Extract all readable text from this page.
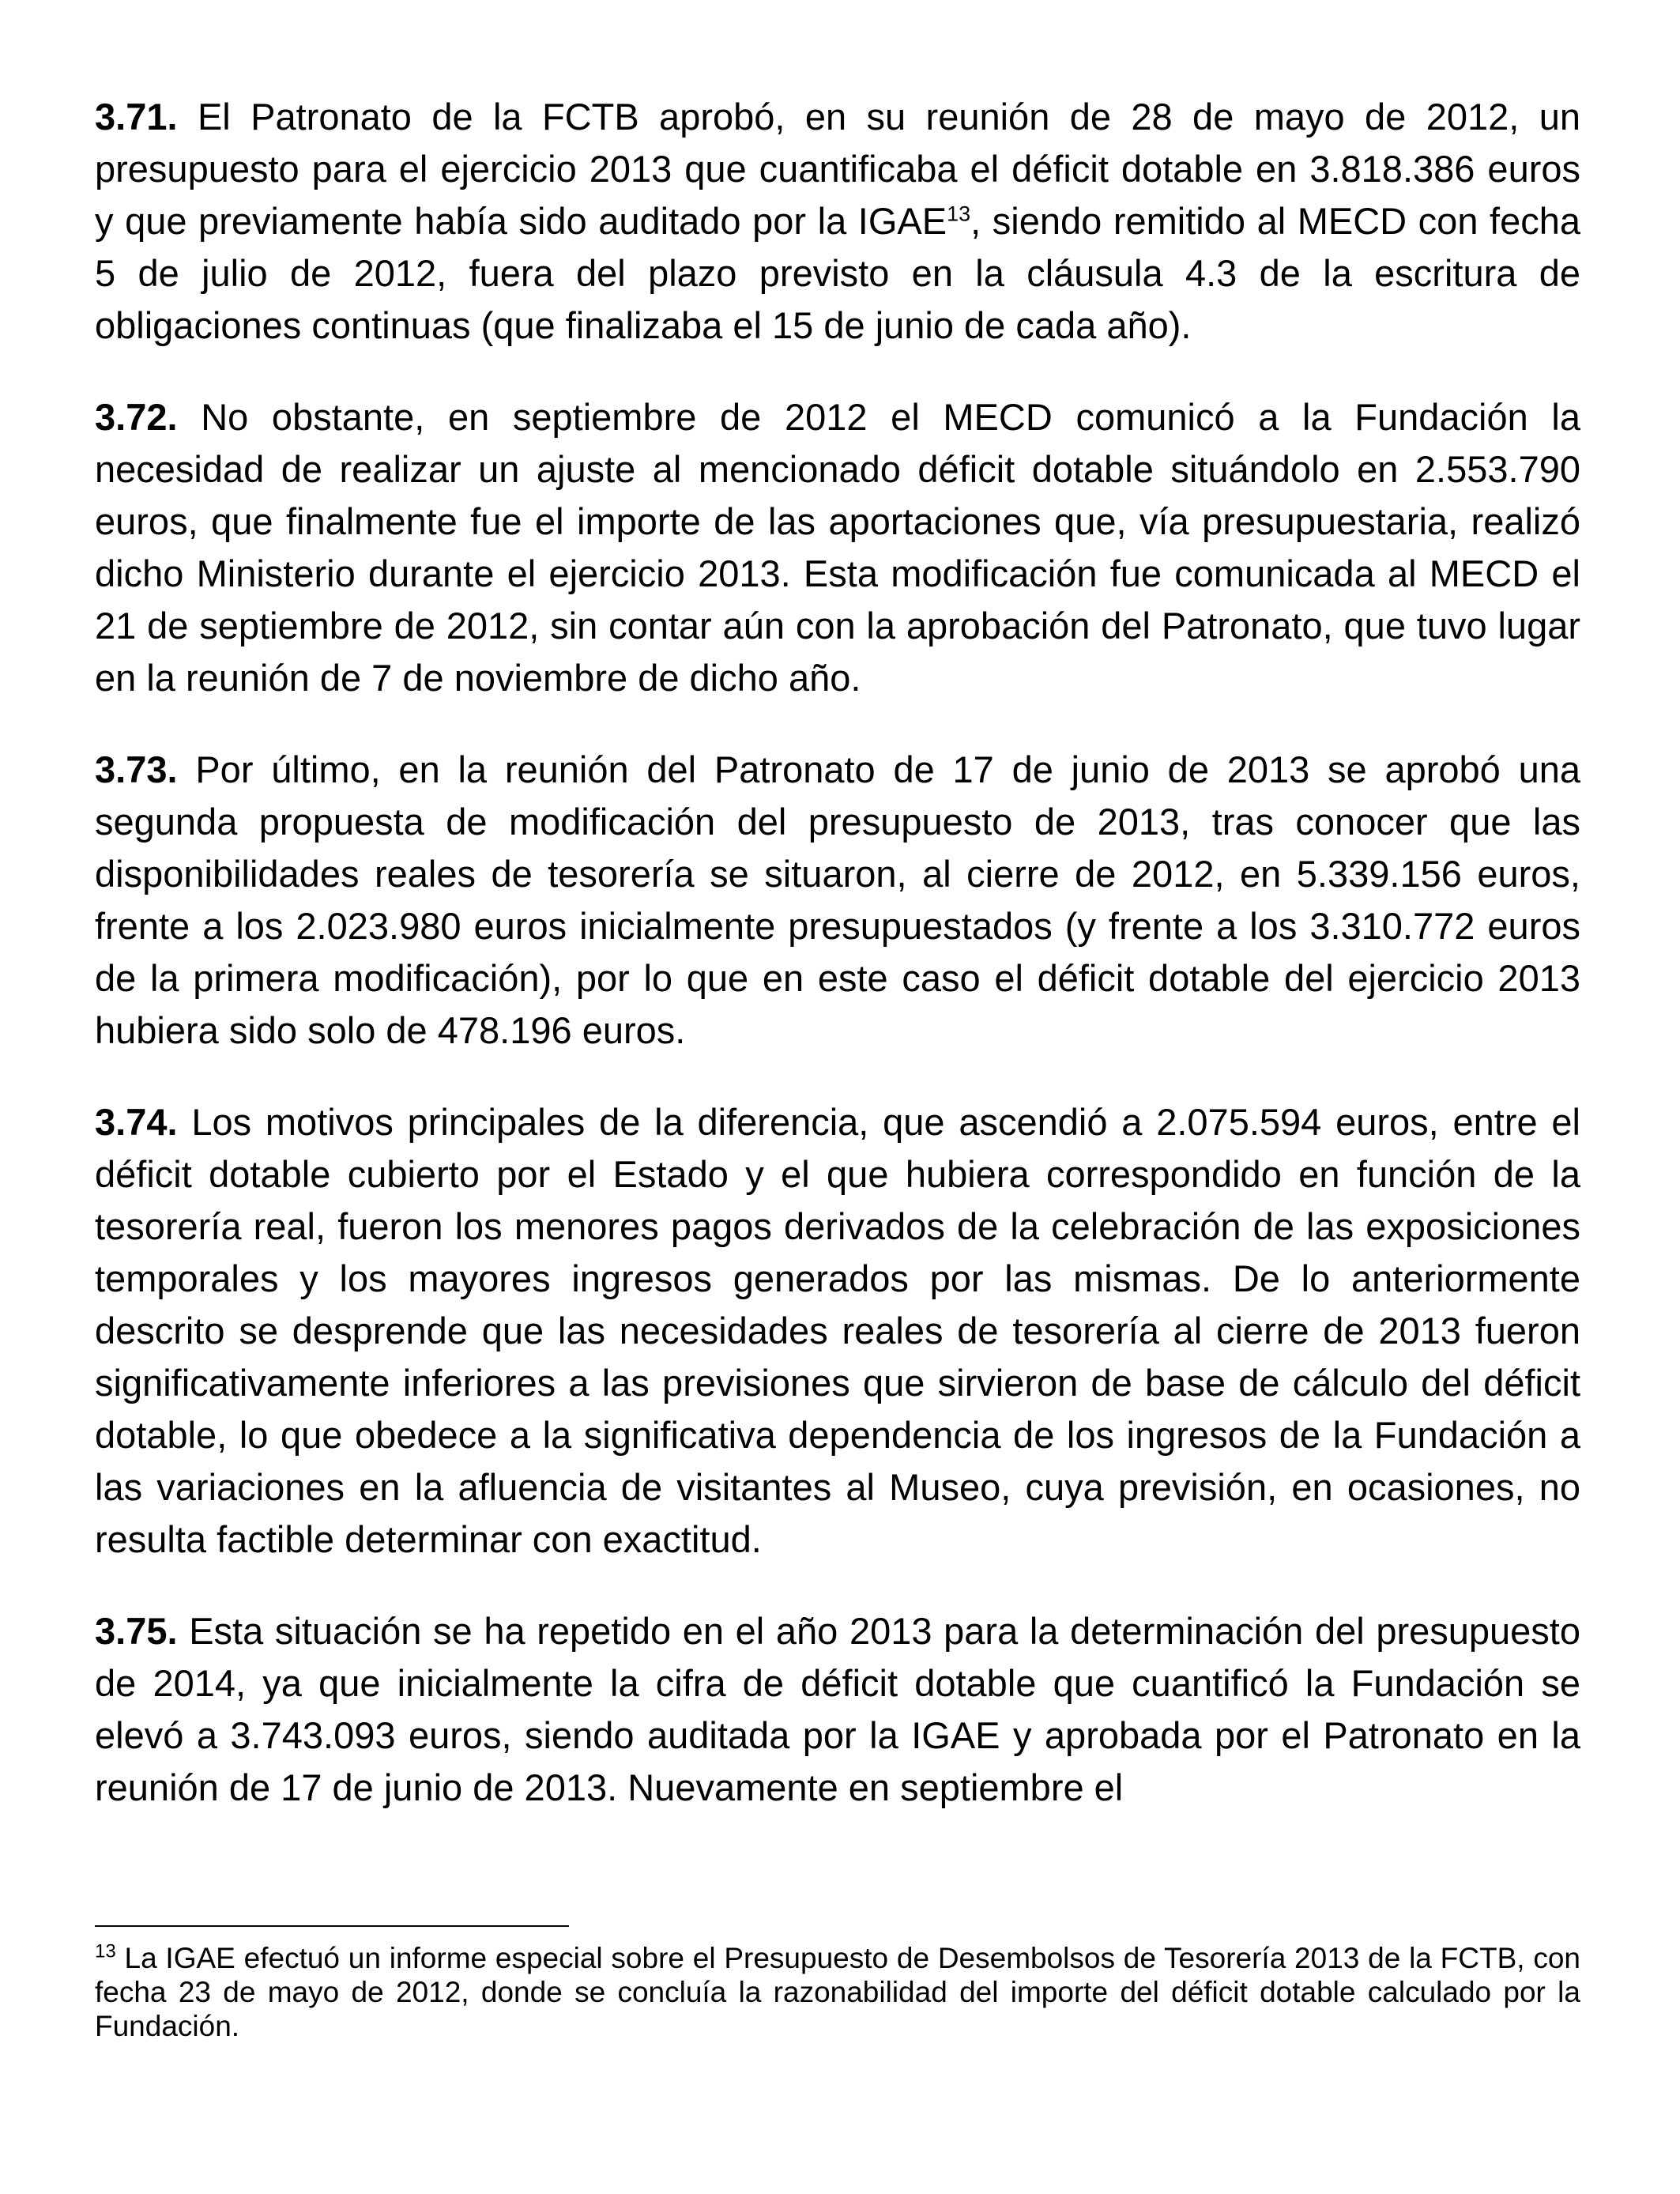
3.71. El Patronato de la FCTB aprobó, en su reunión de 28 de mayo de 2012, un presupuesto para el ejercicio 2013 que cuantificaba el déficit dotable en 3.818.386 euros y que previamente había sido auditado por la IGAE$^{13}$, siendo remitido al MECD con fecha 5 de julio de 2012, fuera del plazo previsto en la cláusula 4.3 de la escritura de obligaciones continuas (que finalizaba el 15 de junio de cada año).

3.72. No obstante, en septiembre de 2012 el MECD comunicó a la Fundación la necesidad de realizar un ajuste al mencionado déficit dotable situándolo en 2.553.790 euros, que finalmente fue el importe de las aportaciones que, vía presupuestaria, realizó dicho Ministerio durante el ejercicio 2013. Esta modificación fue comunicada al MECD el 21 de septiembre de 2012, sin contar aún con la aprobación del Patronato, que tuvo lugar en la reunión de 7 de noviembre de dicho año.

3.73. Por último, en la reunión del Patronato de 17 de junio de 2013 se aprobó una segunda propuesta de modificación del presupuesto de 2013, tras conocer que las disponibilidades reales de tesorería se situaron, al cierre de 2012, en 5.339.156 euros, frente a los 2.023.980 euros inicialmente presupuestados (y frente a los 3.310.772 euros de la primera modificación), por lo que en este caso el déficit dotable del ejercicio 2013 hubiera sido solo de 478.196 euros.

3.74. Los motivos principales de la diferencia, que ascendió a 2.075.594 euros, entre el déficit dotable cubierto por el Estado y el que hubiera correspondido en función de la tesorería real, fueron los menores pagos derivados de la celebración de las exposiciones temporales y los mayores ingresos generados por las mismas. De lo anteriormente descrito se desprende que las necesidades reales de tesorería al cierre de 2013 fueron significativamente inferiores a las previsiones que sirvieron de base de cálculo del déficit dotable, lo que obedece a la significativa dependencia de los ingresos de la Fundación a las variaciones en la afluencia de visitantes al Museo, cuya previsión, en ocasiones, no resulta factible determinar con exactitud.

3.75. Esta situación se ha repetido en el año 2013 para la determinación del presupuesto de 2014, ya que inicialmente la cifra de déficit dotable que cuantificó la Fundación se elevó a 3.743.093 euros, siendo auditada por la IGAE y aprobada por el Patronato en la reunión de 17 de junio de 2013. Nuevamente en septiembre el

$^{13}$ La IGAE efectuó un informe especial sobre el Presupuesto de Desembolsos de Tesorería 2013 de la FCTB, con fecha 23 de mayo de 2012, donde se concluía la razonabilidad del importe del déficit dotable calculado por la Fundación.
